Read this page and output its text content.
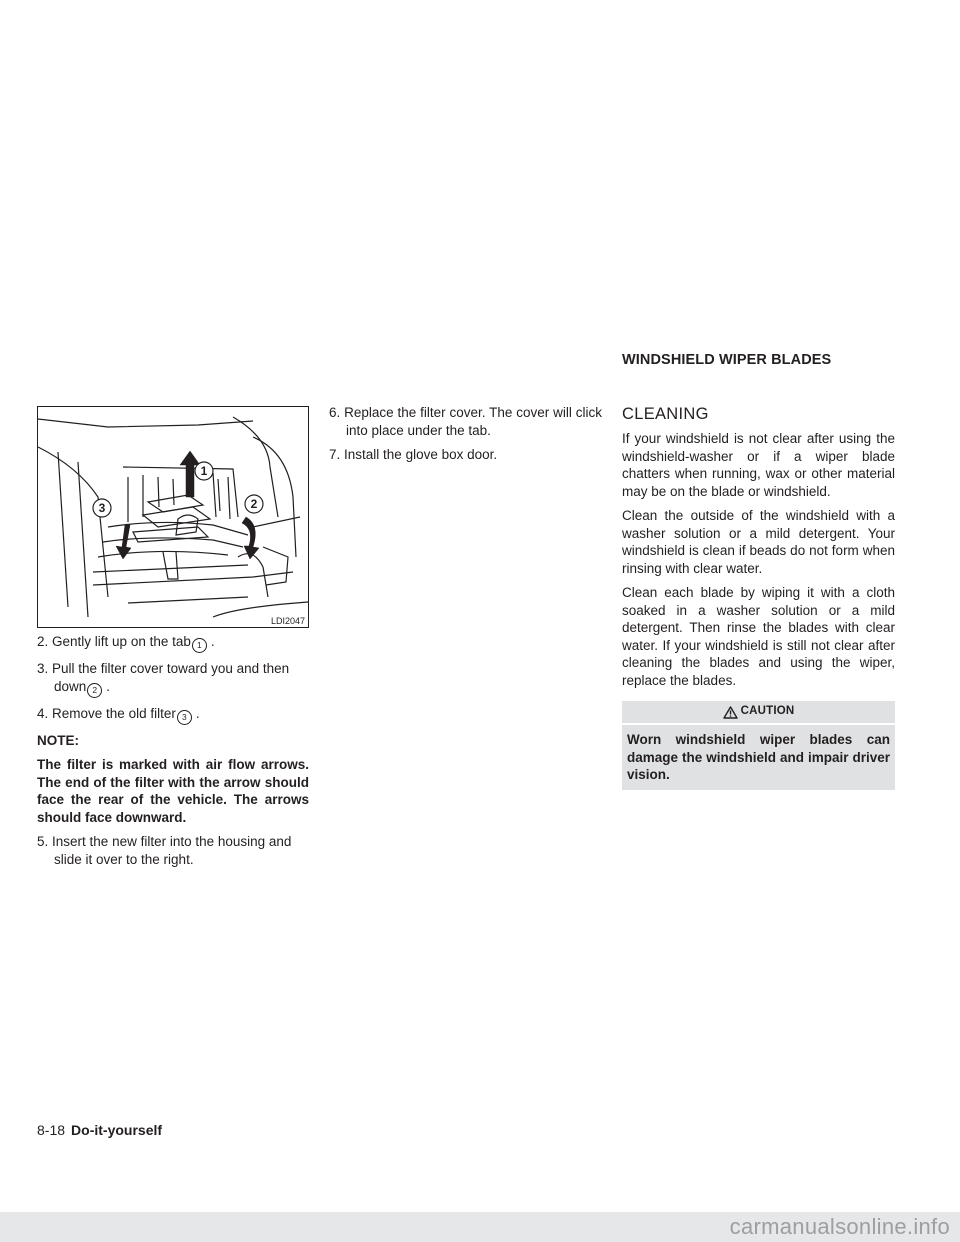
WINDSHIELD WIPER BLADES
1
2
3
LDI2047

2. Gently lift up on the tab 1 .

3. Pull the filter cover toward you and then down 2 .

4. Remove the old filter 3 .

NOTE:

The filter is marked with air flow arrows. The end of the filter with the arrow should face the rear of the vehicle. The arrows should face downward.

5. Insert the new filter into the housing and slide it over to the right.

6. Replace the filter cover. The cover will click into place under the tab.

7. Install the glove box door.

CLEANING

If your windshield is not clear after using the windshield-washer or if a wiper blade chatters when running, wax or other material may be on the blade or windshield.

Clean the outside of the windshield with a washer solution or a mild detergent. Your windshield is clean if beads do not form when rinsing with clear water.

Clean each blade by wiping it with a cloth soaked in a washer solution or a mild detergent. Then rinse the blades with clear water. If your windshield is still not clear after cleaning the blades and using the wiper, replace the blades.

CAUTION
Worn windshield wiper blades can damage the windshield and impair driver vision.
8-18 Do-it-yourself
carmanualsonline.info
